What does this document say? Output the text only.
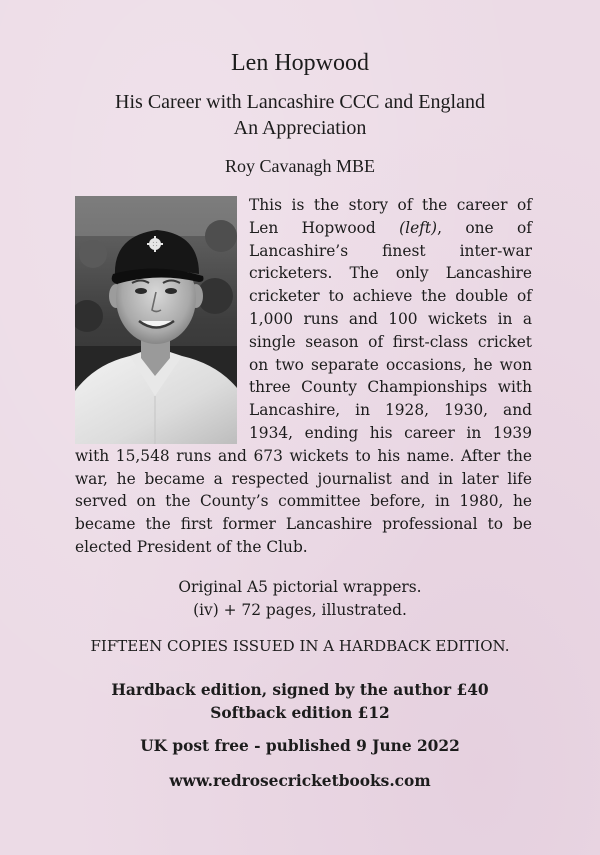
Len Hopwood
His Career with Lancashire CCC and England
An Appreciation
Roy Cavanagh MBE

This is the story of the career of Len Hopwood (left), one of Lancashire’s finest inter-war cricketers. The only Lancashire cricketer to achieve the double of 1,000 runs and 100 wickets in a single season of first-class cricket on two separate occasions, he won three County Championships with Lancashire, in 1928, 1930, and 1934, ending his career in 1939 with 15,548 runs and 673 wickets to his name. After the war, he became a respected journalist and in later life served on the County’s committee before, in 1980, he became the first former Lancashire professional to be elected President of the Club.

Original A5 pictorial wrappers.
(iv) + 72 pages, illustrated.
FIFTEEN COPIES ISSUED IN A HARDBACK EDITION.
Hardback edition, signed by the author £40
Softback edition £12
UK post free - published 9 June 2022
www.redrosecricketbooks.com
